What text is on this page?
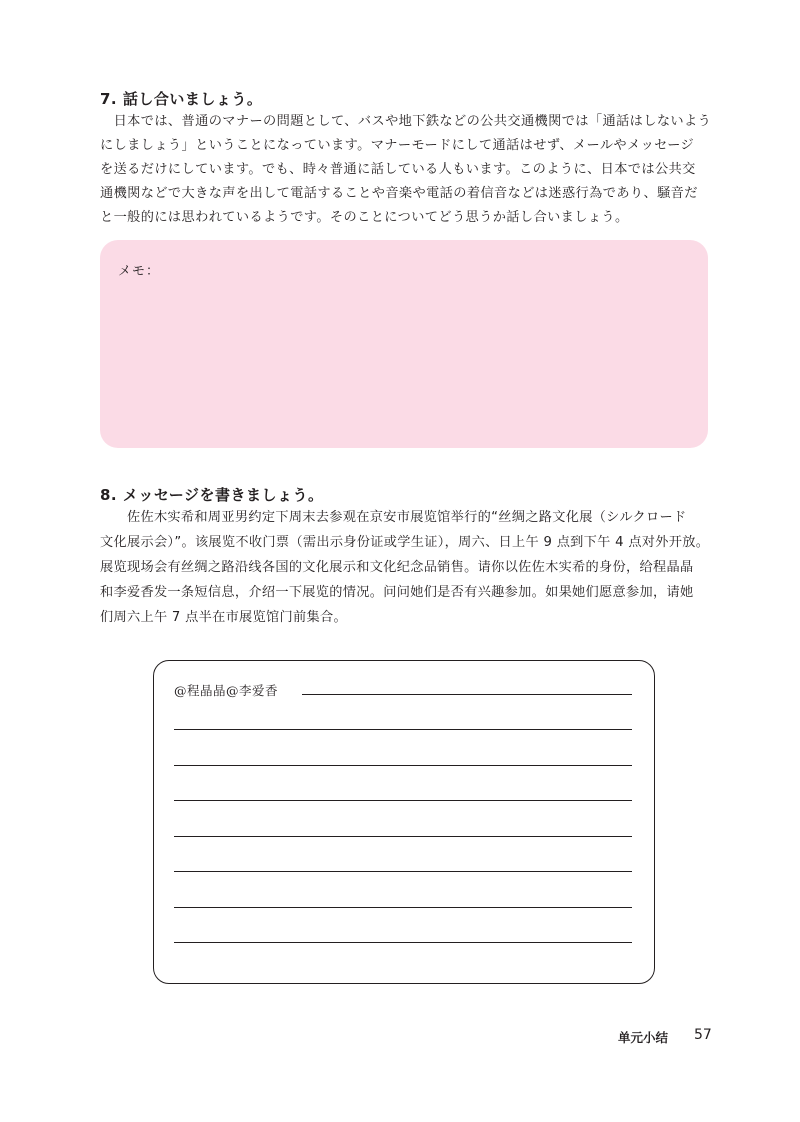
7. 話し合いましょう。
　日本では、普通のマナーの問題として、バスや地下鉄などの公共交通機関では「通話はしないよう
にしましょう」ということになっています。マナーモードにして通話はせず、メールやメッセージ
を送るだけにしています。でも、時々普通に話している人もいます。このように、日本では公共交
通機関などで大きな声を出して電話することや音楽や電話の着信音などは迷惑行為であり、騒音だ
と一般的には思われているようです。そのことについてどう思うか話し合いましょう。
メモ：
8. メッセージを書きましょう。
　　佐佐木实希和周亚男约定下周末去参观在京安市展览馆举行的“丝绸之路文化展（シルクロード
文化展示会）”。该展览不收门票（需出示身份证或学生证），周六、日上午 9 点到下午 4 点对外开放。
展览现场会有丝绸之路沿线各国的文化展示和文化纪念品销售。请你以佐佐木实希的身份，给程晶晶
和李爱香发一条短信息，介绍一下展览的情况。问问她们是否有兴趣参加。如果她们愿意参加，请她
们周六上午 7 点半在市展览馆门前集合。
@程晶晶@李爱香
单元小结 57
